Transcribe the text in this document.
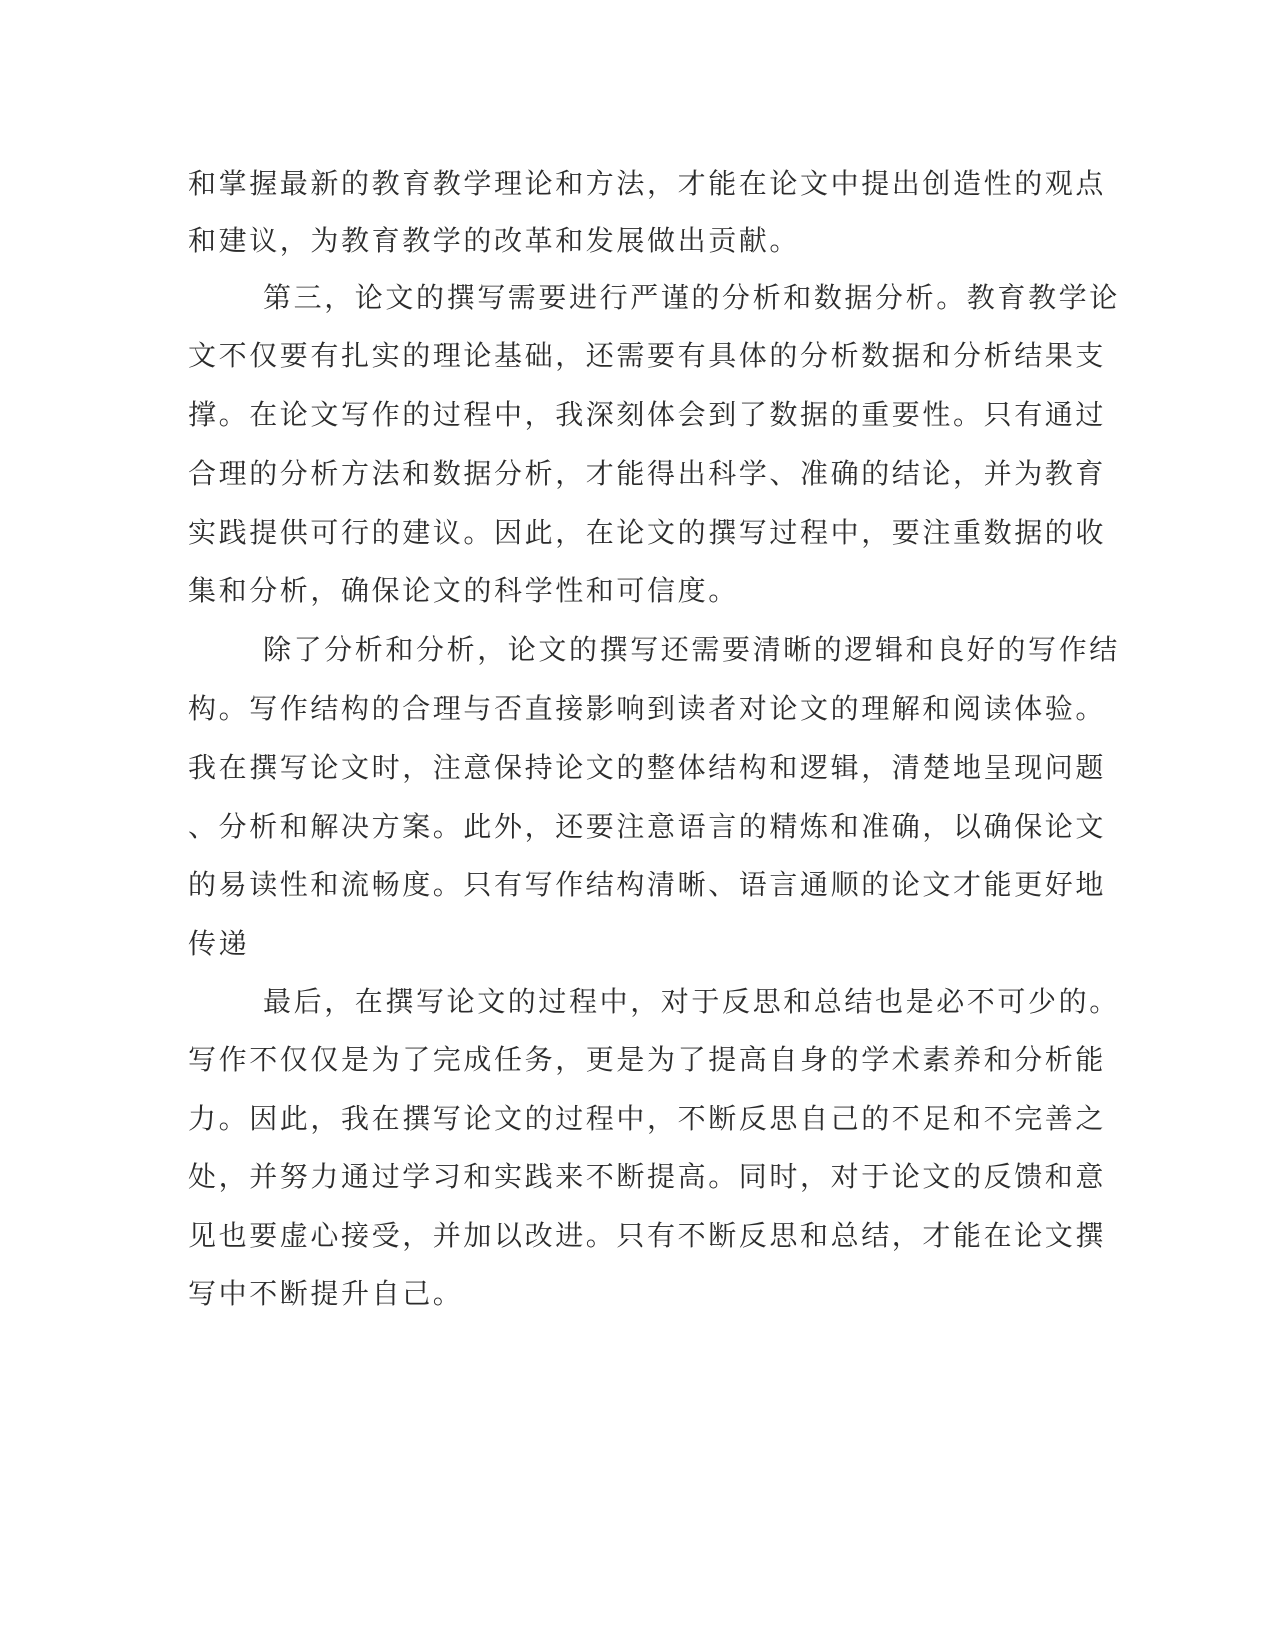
和掌握最新的教育教学理论和方法，才能在论文中提出创造性的观点
和建议，为教育教学的改革和发展做出贡献。
第三，论文的撰写需要进行严谨的分析和数据分析。教育教学论
文不仅要有扎实的理论基础，还需要有具体的分析数据和分析结果支
撑。在论文写作的过程中，我深刻体会到了数据的重要性。只有通过
合理的分析方法和数据分析，才能得出科学、准确的结论，并为教育
实践提供可行的建议。因此，在论文的撰写过程中，要注重数据的收
集和分析，确保论文的科学性和可信度。
除了分析和分析，论文的撰写还需要清晰的逻辑和良好的写作结
构。写作结构的合理与否直接影响到读者对论文的理解和阅读体验。
我在撰写论文时，注意保持论文的整体结构和逻辑，清楚地呈现问题
、分析和解决方案。此外，还要注意语言的精炼和准确，以确保论文
的易读性和流畅度。只有写作结构清晰、语言通顺的论文才能更好地
传递
最后，在撰写论文的过程中，对于反思和总结也是必不可少的。
写作不仅仅是为了完成任务，更是为了提高自身的学术素养和分析能
力。因此，我在撰写论文的过程中，不断反思自己的不足和不完善之
处，并努力通过学习和实践来不断提高。同时，对于论文的反馈和意
见也要虚心接受，并加以改进。只有不断反思和总结，才能在论文撰
写中不断提升自己。
